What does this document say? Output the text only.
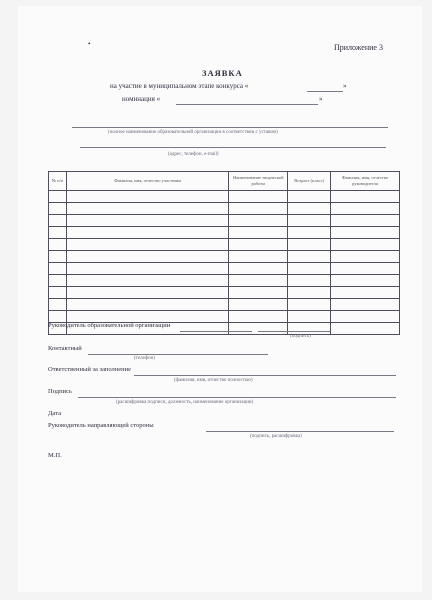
•	Приложение 3
ЗАЯВКА
на участие в муниципальном этапе конкурса «	»
номинация «	»
(полное наименование образовательной организации в соответствии с уставом)
(адрес, телефон, e-mail)
№ п/п	Фамилия, имя, отчество участника	Наименование творческой работы	Возраст (класс)	Фамилия, имя, отчество руководителя

Руководитель образовательной организации
(подпись)
Контактный
(телефон)
Ответственный за заполнение
(фамилия, имя, отчество полностью)
Подпись
(расшифровка подписи, должность, наименование организации)
Дата
Руководитель направляющей стороны
(подпись, расшифровка)
М.П.
